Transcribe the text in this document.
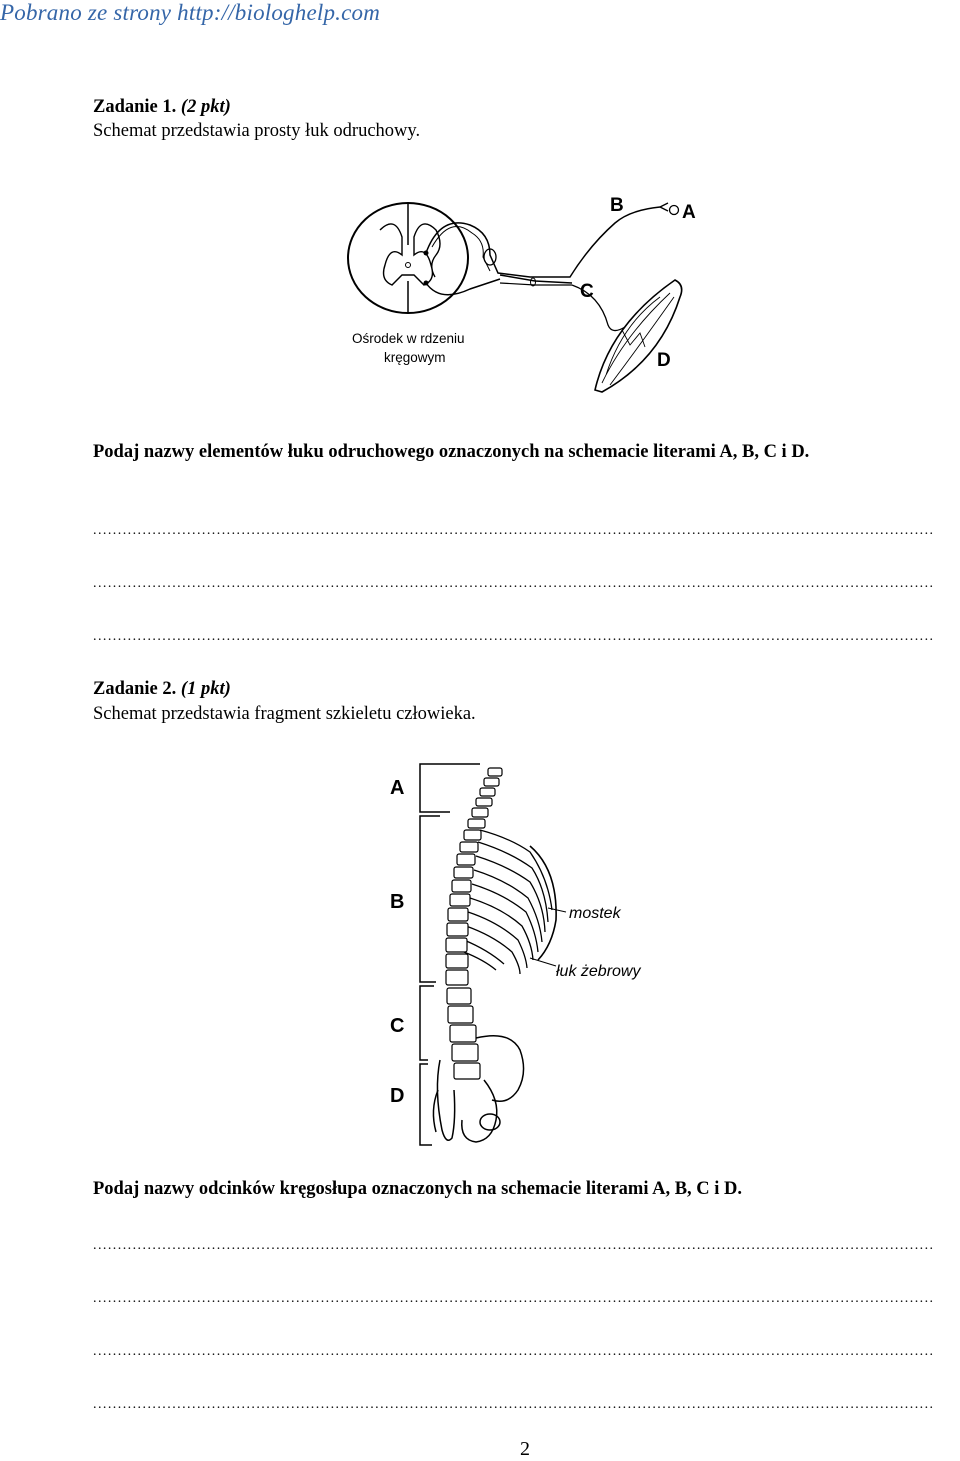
Pobrano ze strony http://biologhelp.com
Zadanie 1. (2 pkt)
Schemat przedstawia prosty łuk odruchowy.
B	A
C
D
Ośrodek w rdzeniu
kręgowym
Podaj nazwy elementów łuku odruchowego oznaczonych na schemacie literami A, B, C i D.
..........................................................................................................................................................................
..........................................................................................................................................................................
..........................................................................................................................................................................
Zadanie 2. (1 pkt)
Schemat przedstawia fragment szkieletu człowieka.
A
B
C
D
mostek
łuk żebrowy
Podaj nazwy odcinków kręgosłupa oznaczonych na schemacie literami A, B, C i D.
..........................................................................................................................................................................
..........................................................................................................................................................................
..........................................................................................................................................................................
..........................................................................................................................................................................
2
